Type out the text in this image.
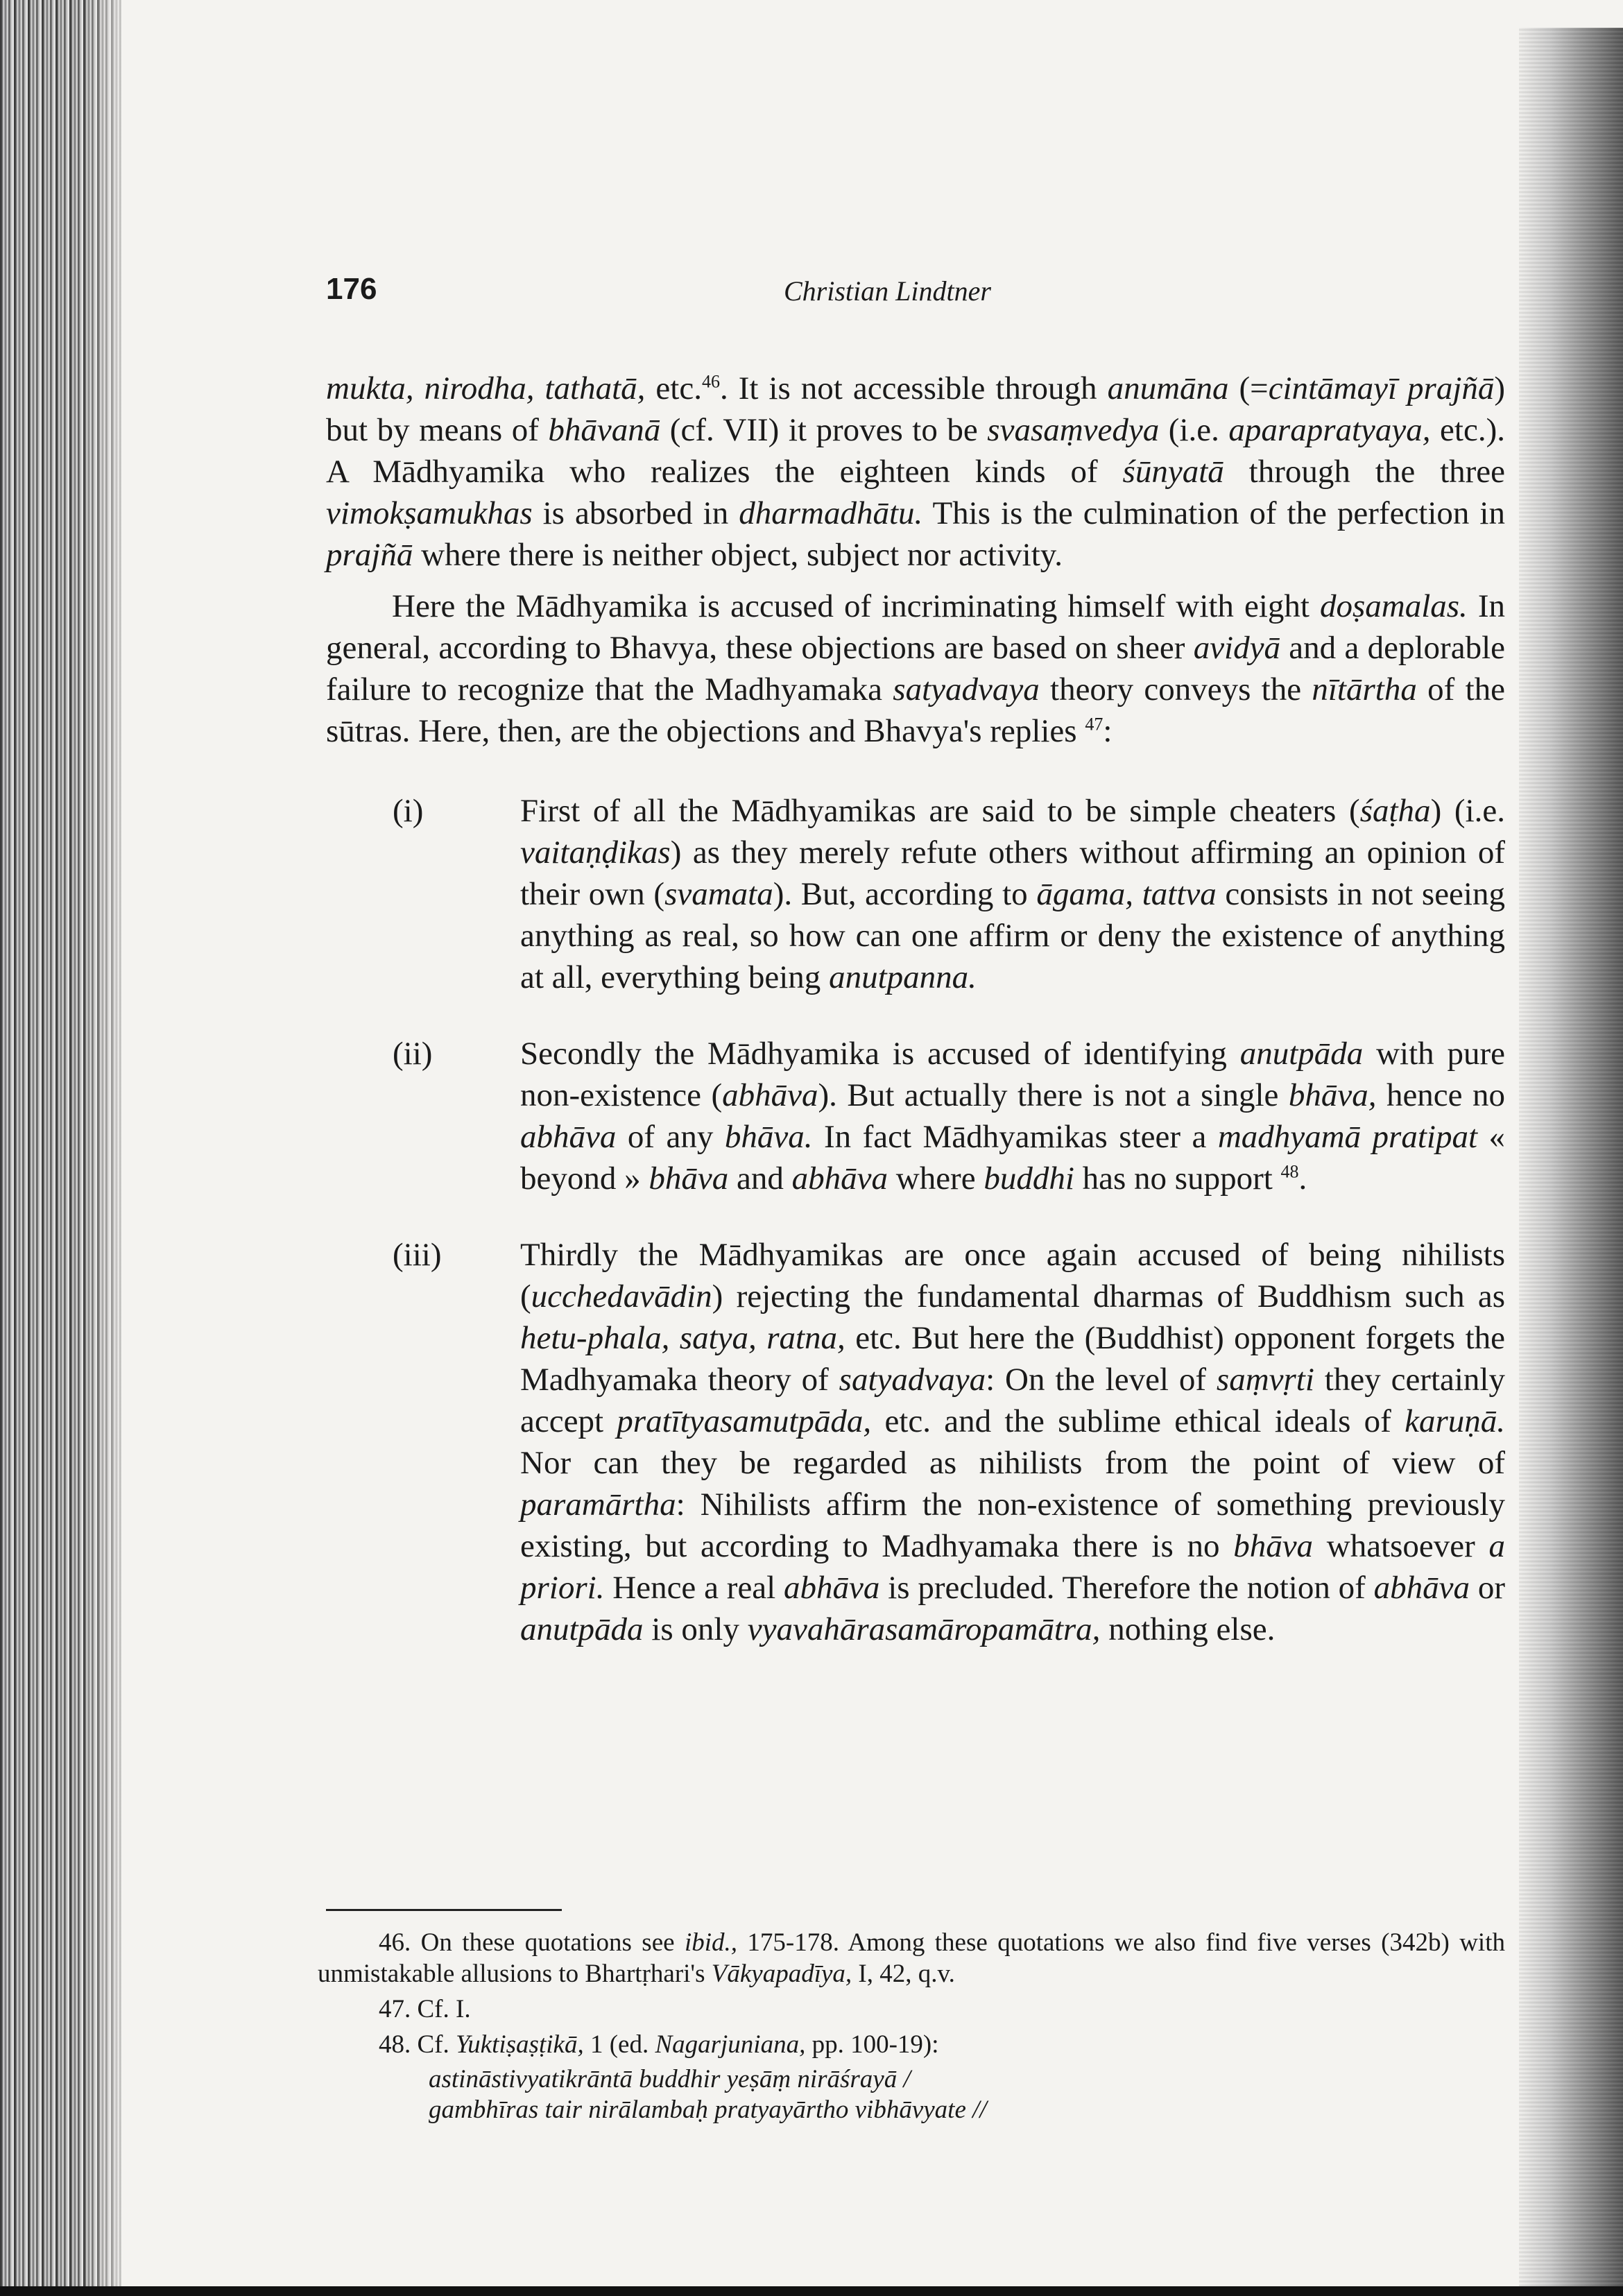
176	Christian Lindtner

mukta, nirodha, tathatā, etc.$^{46}$. It is not accessible through anumāna (=cintāmayī prajñā) but by means of bhāvanā (cf. VII) it proves to be svasaṃvedya (i.e. aparapratyaya, etc.). A Mādhyamika who realizes the eighteen kinds of śūnyatā through the three vimokṣamukhas is absorbed in dharmadhātu. This is the culmination of the perfection in prajñā where there is neither object, subject nor activity.

Here the Mādhyamika is accused of incriminating himself with eight doṣamalas. In general, according to Bhavya, these objections are based on sheer avidyā and a deplorable failure to recognize that the Madhyamaka satyadvaya theory conveys the nītārtha of the sūtras. Here, then, are the objections and Bhavya's replies $^{47}$:

(i)	First of all the Mādhyamikas are said to be simple cheaters (śaṭha) (i.e. vaitaṇḍikas) as they merely refute others without affirming an opinion of their own (svamata). But, according to āgama, tattva consists in not seeing anything as real, so how can one affirm or deny the existence of anything at all, everything being anutpanna.

(ii)	Secondly the Mādhyamika is accused of identifying anutpāda with pure non-existence (abhāva). But actually there is not a single bhāva, hence no abhāva of any bhāva. In fact Mādhyamikas steer a madhyamā pratipat « beyond » bhāva and abhāva where buddhi has no support $^{48}$.

(iii) Thirdly the Mādhyamikas are once again accused of being nihilists (ucchedavādin) rejecting the fundamental dharmas of Buddhism such as hetu-phala, satya, ratna, etc. But here the (Buddhist) opponent forgets the Madhyamaka theory of satyadvaya: On the level of saṃvṛti they certainly accept pratītyasamutpāda, etc. and the sublime ethical ideals of karuṇā. Nor can they be regarded as nihilists from the point of view of paramārtha: Nihilists affirm the non-existence of something previously existing, but according to Madhyamaka there is no bhāva whatsoever a priori. Hence a real abhāva is precluded. Therefore the notion of abhāva or anutpāda is only vyavahārasamāropamātra, nothing else.

46. On these quotations see ibid., 175-178. Among these quotations we also find five verses (342b) with unmistakable allusions to Bhartṛhari's Vākyapadīya, I, 42, q.v.

47. Cf. I.

48. Cf. Yuktiṣaṣṭikā, 1 (ed. Nagarjuniana, pp. 100-19):

astināstivyatikrāntā buddhir yeṣāṃ nirāśrayā /
gambhīras tair nirālambaḥ pratyayārtho vibhāvyate //
